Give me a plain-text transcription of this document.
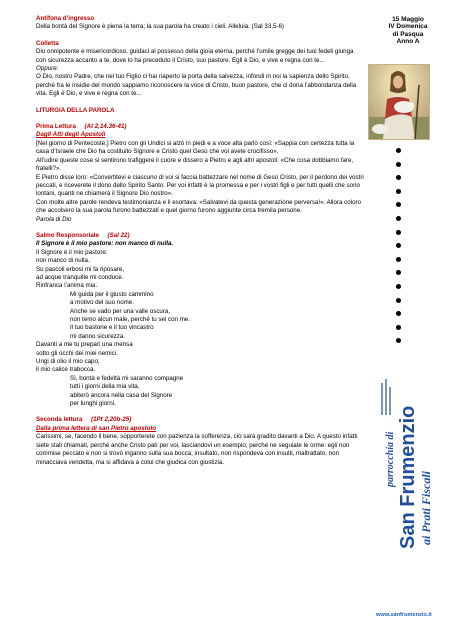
Antifona d’ingresso

Della bontà del Signore è piena la terra; la sua parola ha creato i cieli. Alleluia. (Sal 33,5-6)

Colletta

Dio onnipotente e misericordioso, guidaci al possesso della gioia eterna, perché l’umile gregge dei tuoi fedeli giunga con sicurezza accanto a te, dove lo ha preceduto il Cristo, suo pastore. Egli è Dio, e vive e regna con te...

Oppure:

O Dio, nostro Padre, che nel tuo Figlio ci hai riaperto la porta della salvezza, infondi in noi la sapienza dello Spirito, perché fra le insidie del mondo sappiamo riconoscere la voce di Cristo, buon pastore, che ci dona l’abbondanza della vita. Egli è Dio, e vive e regna con te...

LITURGIA DELLA PAROLA

Prima Lettura (At 2,14.36-41)

Dagli Atti degli Apostoli

[Nel giorno di Pentecoste,] Pietro con gli Undici si alzò in piedi e a voce alta parlò così: «Sappia con certezza tutta la casa d’Israele che Dio ha costituito Signore e Cristo quel Gesù che voi avete crocifisso».

All’udire queste cose si sentirono trafiggere il cuore e dissero a Pietro e agli altri apostoli: «Che cosa dobbiamo fare, fratelli?».

E Pietro disse loro: «Convertitevi e ciascuno di voi si faccia battezzare nel nome di Gesù Cristo, per il perdono dei vostri peccati, e riceverete il dono dello Spirito Santo. Per voi infatti è la promessa e per i vostri figli e per tutti quelli che sono lontani, quanti ne chiamerà il Signore Dio nostro».

Con molte altre parole rendeva testimonianza e li esortava: «Salvatevi da questa generazione perversa!». Allora coloro che accolsero la sua parola furono battezzati e quel giorno furono aggiunte circa tremila persone.

Parola di Dio

Salmo Responsoriale (Sal 22)

Il Signore è il mio pastore: non manco di nulla.

Il Signore è il mio pastore:

non manco di nulla.

Su pascoli erbosi mi fa riposare,

ad acque tranquille mi conduce.

Rinfranca l’anima mia.

Mi guida per il giusto cammino

a motivo del suo nome.

Anche se vado per una valle oscura,

non temo alcun male, perché tu sei con me.

Il tuo bastone e il tuo vincastro

mi danno sicurezza.

Davanti a me tu prepari una mensa

sotto gli occhi dei miei nemici.

Ungi di olio il mio capo;

il mio calice trabocca.

Sì, bontà e fedeltà mi saranno compagne

tutti i giorni della mia vita,

abiterò ancora nella casa del Signore

per lunghi giorni.

Seconda lettura (1Pt 2,20b-25)

Dalla prima lettera di san Pietro apostolo

Carissimi, se, facendo il bene, sopporterete con pazienza la sofferenza, ciò sarà gradito davanti a Dio. A questo infatti siete stati chiamati, perché anche Cristo patì per voi, lasciandovi un esempio, perché ne seguiate le orme: egli non commise peccato e non si trovò inganno sulla sua bocca; insultato, non rispondeva con insulti, maltrattato, non minacciava vendetta, ma si affidava a colui che giudica con giustizia.

15 Maggio
IV Domenica
di Pasqua
Anno A
parrocchia di San Frumenzio ai Prati Fiscali
www.sanfrumenzio.it
